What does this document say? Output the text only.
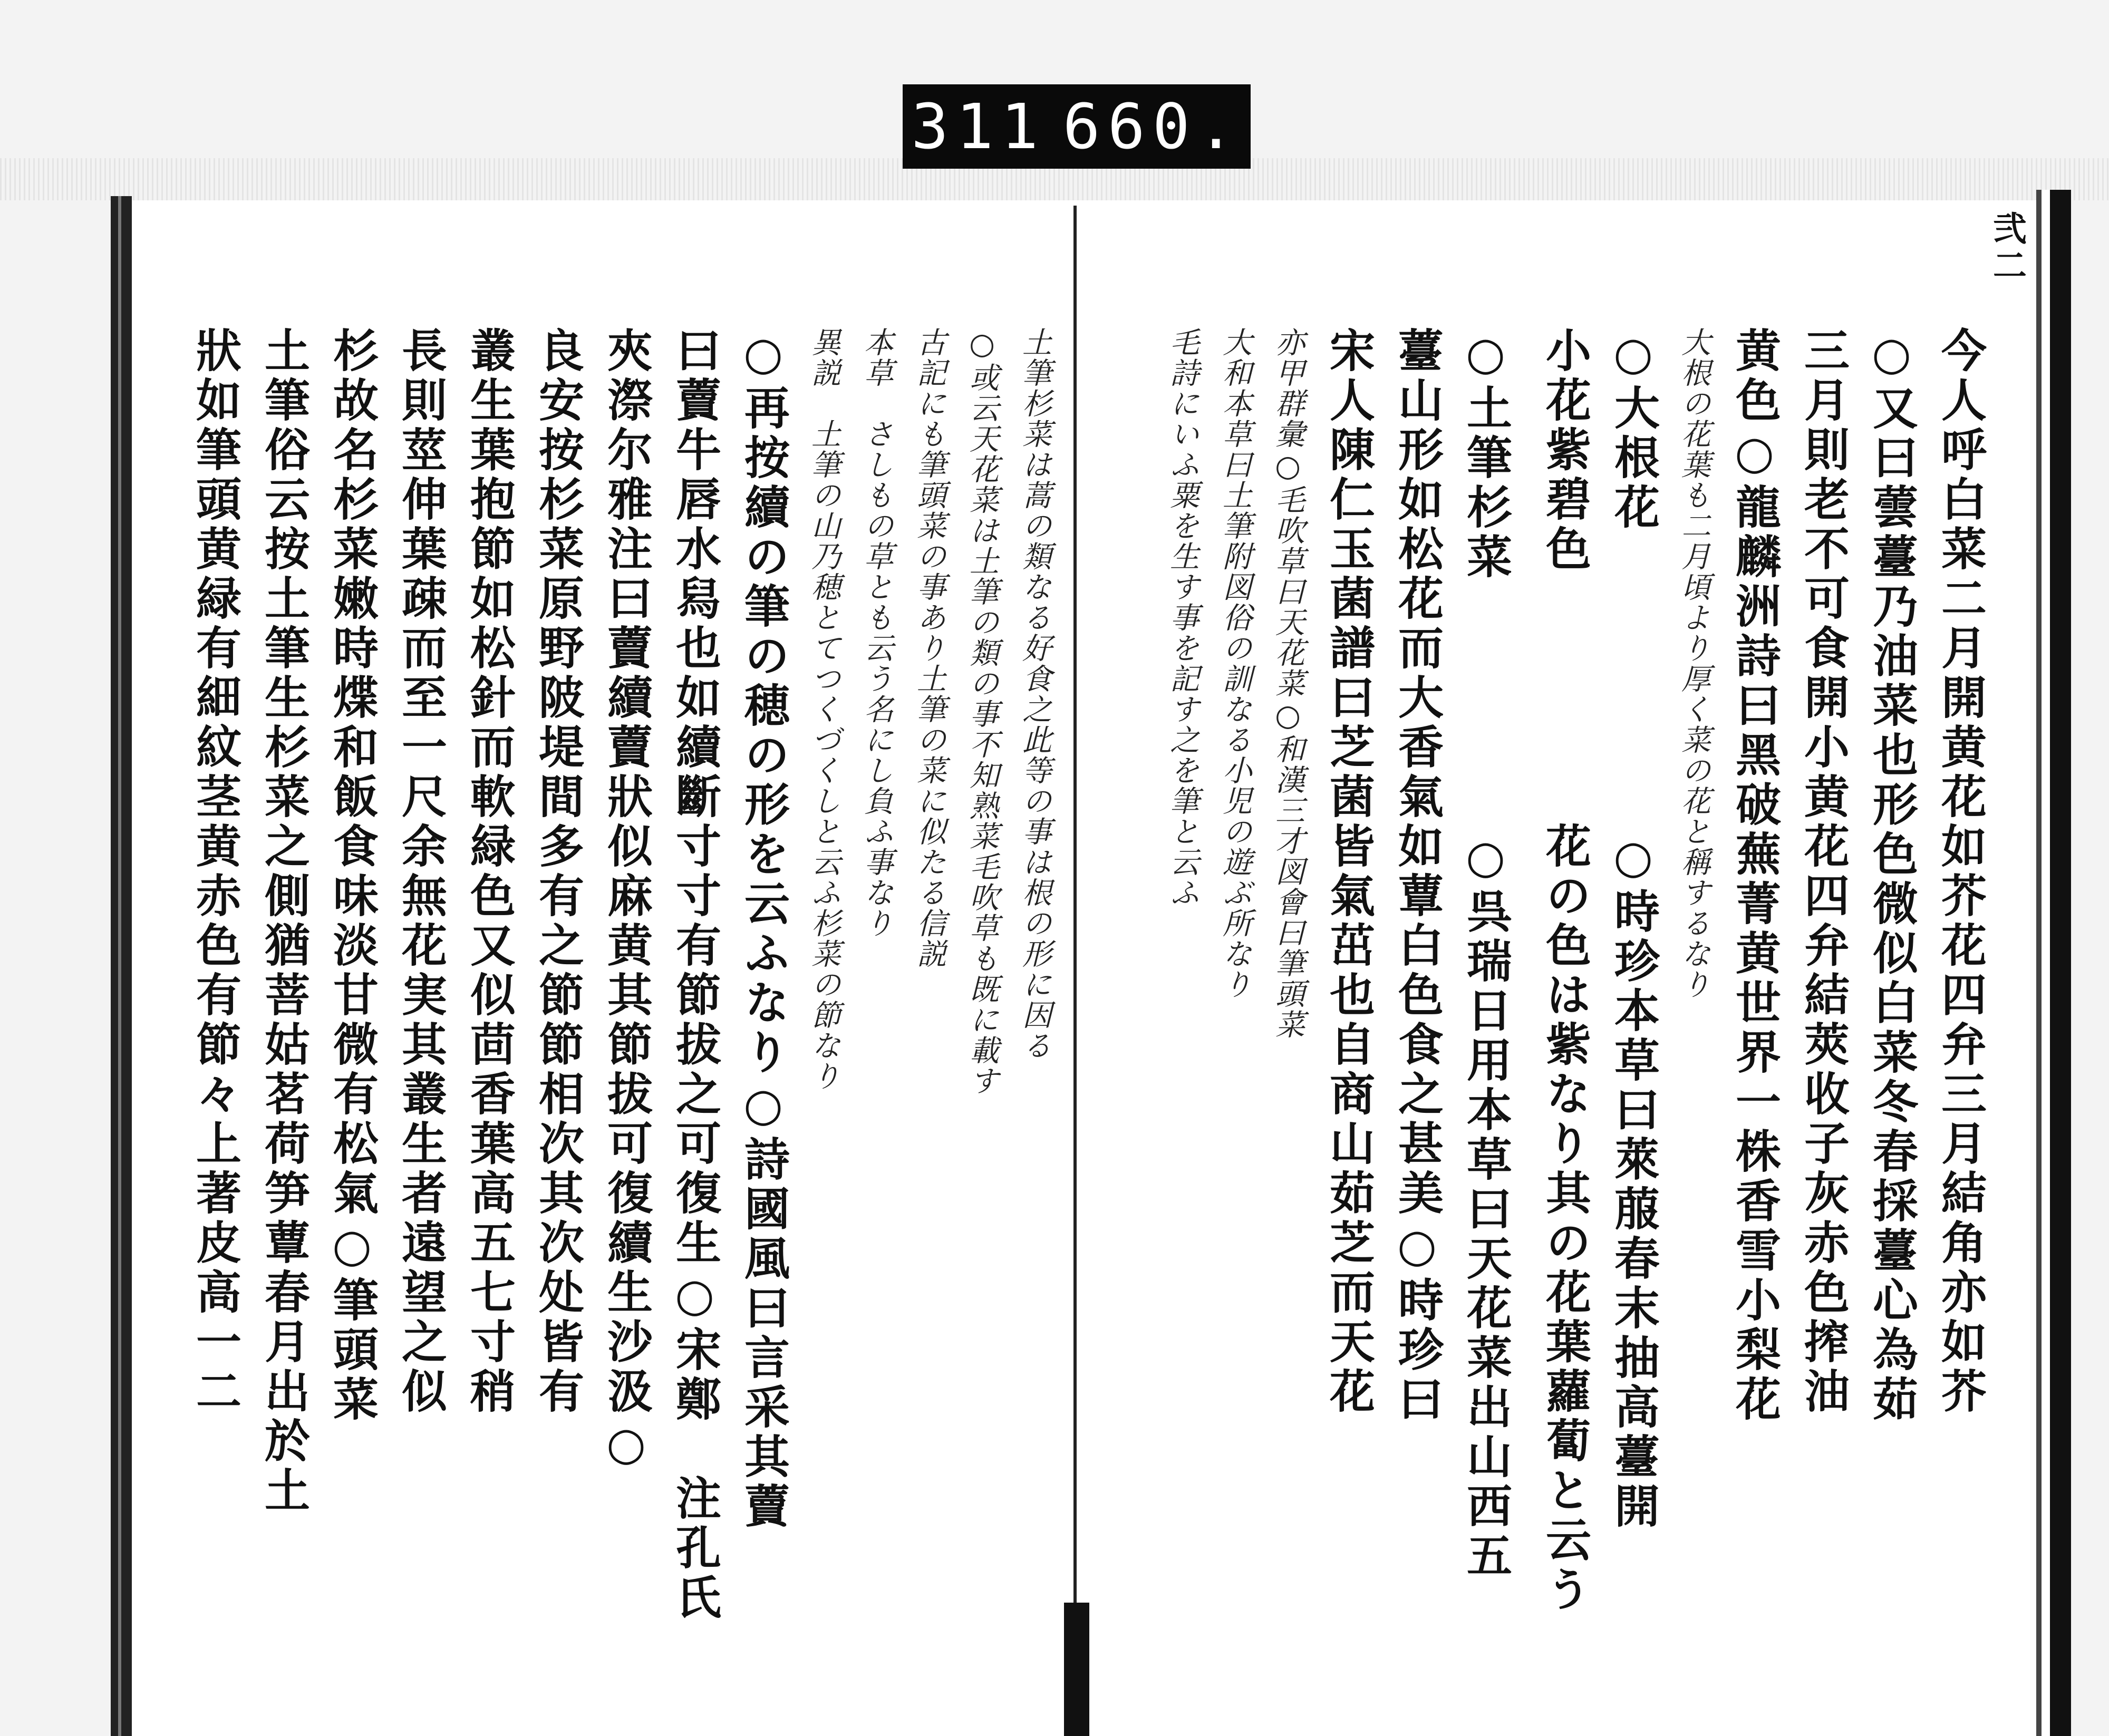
311 660.
弐二
今人呼白菜二月開黄花如芥花四弁三月結角亦如芥
○又曰蕓薹乃油菜也形色微似白菜冬春採薹心為茹
三月則老不可食開小黄花四弁結莢收子灰赤色搾油
黄色○龍麟洲詩曰黑破蕪菁黄世界一株香雪小梨花
大根の花葉も二月頃より厚く菜の花と稱するなり
○大根花　　　　　　○時珍本草曰萊菔春末抽高薹開
小花紫碧色　　　　　花の色は紫なり其の花葉蘿蔔と云う
○土筆杉菜　　　　　○呉瑞日用本草曰天花菜出山西五
薹山形如松花而大香氣如蕈白色食之甚美○時珍曰
宋人陳仁玉菌譜曰芝菌皆氣茁也自商山茹芝而天花
亦甲群彙○毛吹草曰天花菜○和漢三才図會曰筆頭菜
大和本草曰土筆附図俗の訓なる小児の遊ぶ所なり
毛詩にいふ粟を生す事を記す之を筆と云ふ
土筆杉菜は蒿の類なる好食之此等の事は根の形に因る
○或云天花菜は土筆の類の事不知熟菜毛吹草も既に載す
古記にも筆頭菜の事あり土筆の菜に似たる信説
本草　さしもの草とも云う名にし負ふ事なり
異説　土筆の山乃穂とてつくづくしと云ふ杉菜の節なり
○再按續の筆の穂の形を云ふなり○詩國風曰言采其藚
曰藚牛唇水舄也如續斷寸寸有節拔之可復生○宋鄭　注孔氏
夾漈尔雅注曰藚續藚狀似麻黄其節拔可復續生沙汲○
良安按杉菜原野陂堤間多有之節節相次其次处皆有
叢生葉抱節如松針而軟緑色又似茴香葉高五七寸稍
長則莖伸葉疎而至一尺余無花実其叢生者遠望之似
杉故名杉菜嫩時煠和飯食味淡甘微有松氣○筆頭菜
土筆俗云按土筆生杉菜之側猶菩姑茗荷笋蕈春月出於土
狀如筆頭黄緑有細紋茎黄赤色有節々上著皮高一二
